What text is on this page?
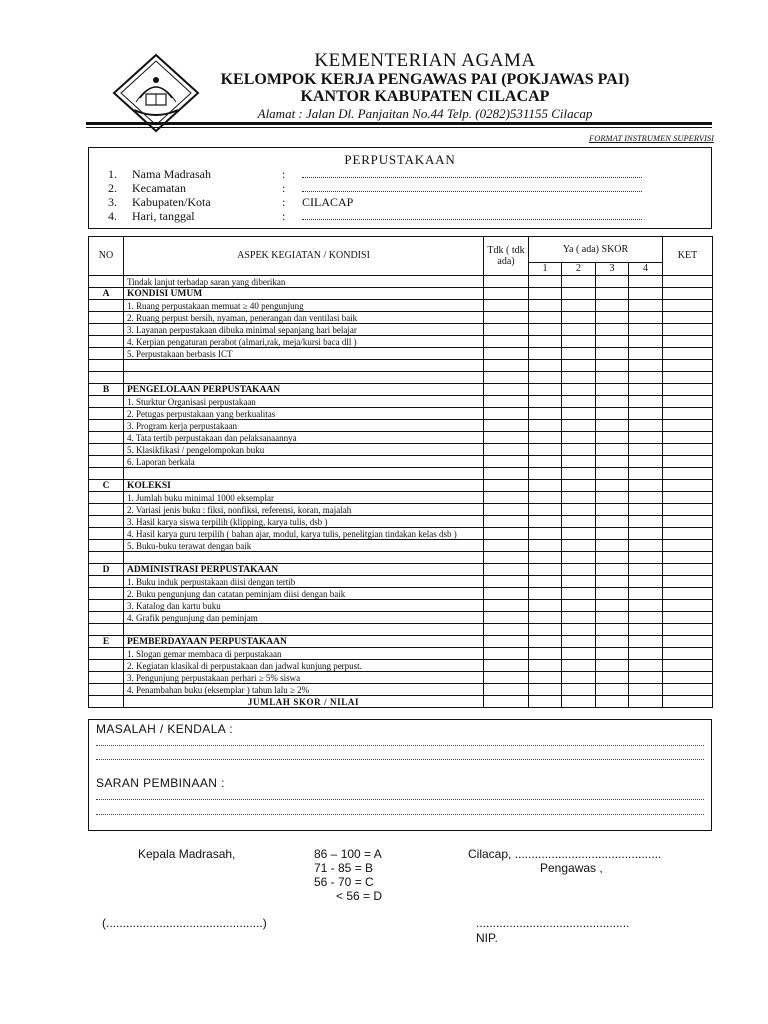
KEMENTERIAN AGAMA
KELOMPOK KERJA PENGAWAS PAI (POKJAWAS PAI)
KANTOR KABUPATEN CILACAP
Alamat : Jalan Dl. Panjaitan No.44 Telp. (0282)531155 Cilacap
FORMAT INSTRUMEN SUPERVISI
PERPUSTAKAAN
1. Nama Madrasah	:
2. Kecamatan	:
3. Kabupaten/Kota	: CILACAP
4. Hari, tanggal	:
NO	ASPEK KEGIATAN / KONDISI	Tdk ( tdk ada)	Ya ( ada) SKOR				KET
			1	2	3	4	
	Tindak lanjut terhadap saran yang diberikan						
A	KONDISI UMUM						
	1. Ruang perpustakaan memuat ≥ 40 pengunjung						
	2. Ruang perpust bersih, nyaman, penerangan dan ventilasi baik						
	3. Layanan perpustakaan dibuka minimal sepanjang hari belajar						
	4. Kerpian pengaturan perabot (almari,rak, meja/kursi baca dll )						
	5. Perpustakaan berbasis ICT						

B	PENGELOLAAN PERPUSTAKAAN						
	1. Sturktur Organisasi perpustakaan						
	2. Petugas perpustakaan yang berkualitas						
	3. Program kerja perpustakaan						
	4. Tata tertib perpustakaan dan pelaksanaannya						
	5. Klasikfikasi / pengelompokan buku						
	6. Laporan berkala						

C	KOLEKSI						
	1. Jumlah buku minimal 1000 eksemplar						
	2. Variasi jenis buku : fiksi, nonfiksi, referensi, koran, majalah						
	3. Hasil karya siswa terpilih (klipping, karya tulis, dsb )						
	4. Hasil karya guru terpilih ( bahan ajar, modul, karya tulis, penelitgian tindakan kelas dsb )						
	5. Buku-buku terawat dengan baik						

D	ADMINISTRASI PERPUSTAKAAN						
	1. Buku induk perpustakaan diisi dengan tertib						
	2. Buku pengunjung dan catatan peminjam diisi dengan baik						
	3. Katalog dan kartu buku						
	4. Grafik pengunjung dan peminjam						

E	PEMBERDAYAAN PERPUSTAKAAN						
	1. Slogan gemar membaca di perpustakaan						
	2. Kegiatan klasikal di perpustakaan dan jadwal kunjung perpust.						
	3. Pengunjung perpustakaan perhari ≥ 5% siswa						
	4. Penambahan buku (eksemplar ) tahun lalu ≥ 2%						
	JUMLAH SKOR / NILAI						
MASALAH / KENDALA :
SARAN PEMBINAAN :
Kepala Madrasah,	86 – 100 = A
71 - 85 = B
56 - 70 = C
< 56 = D
Cilacap, ............................................
Pengawas ,
(...............................................)	..............................................
NIP.
